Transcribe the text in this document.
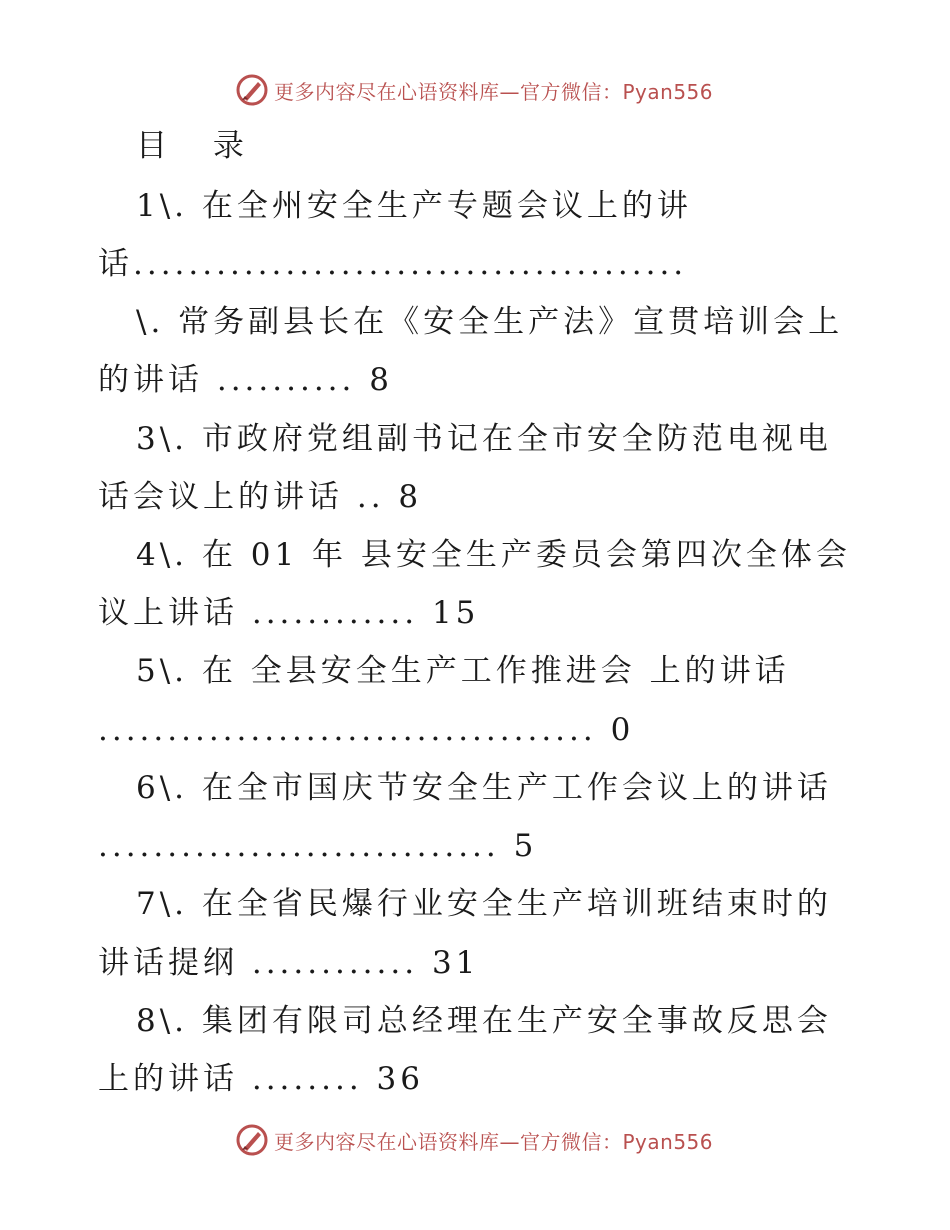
更多内容尽在心语资料库—官方微信：Pyan556
目 录
1\. 在全州安全生产专题会议上的讲
话........................................
\. 常务副县长在《安全生产法》宣贯培训会上
的讲话 .......... 8
3\. 市政府党组副书记在全市安全防范电视电
话会议上的讲话 .. 8
4\. 在 01 年 县安全生产委员会第四次全体会
议上讲话 ............ 15
5\. 在 全县安全生产工作推进会 上的讲话
.................................... 0
6\. 在全市国庆节安全生产工作会议上的讲话
............................. 5
7\. 在全省民爆行业安全生产培训班结束时的
讲话提纲 ............ 31
8\. 集团有限司总经理在生产安全事故反思会
上的讲话 ........ 36
更多内容尽在心语资料库—官方微信：Pyan556
